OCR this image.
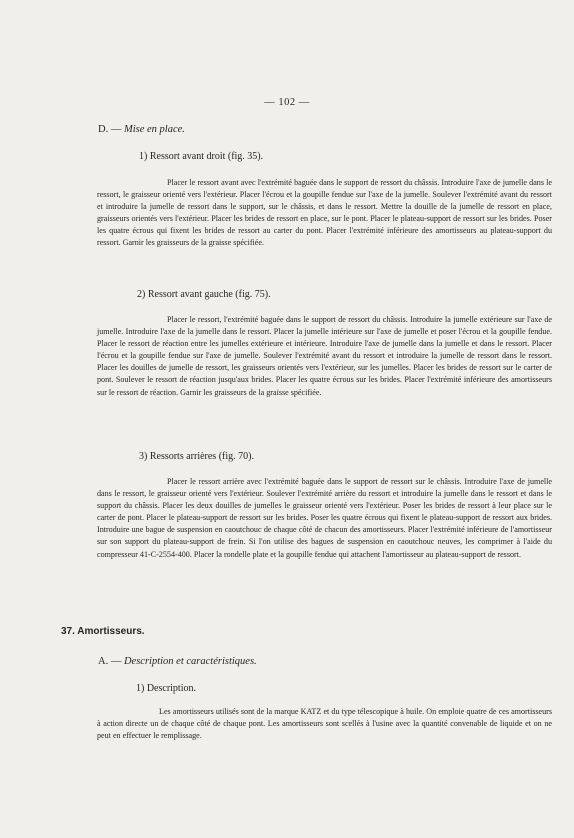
— 102 —
D. — Mise en place.
1) Ressort avant droit (fig. 35).

Placer le ressort avant avec l'extrémité baguée dans le support de ressort du châssis. Introduire l'axe de jumelle dans le ressort, le graisseur orienté vers l'extérieur. Placer l'écrou et la goupille fendue sur l'axe de la jumelle. Soulever l'extrémité avant du ressort et introduire la jumelle de ressort dans le support, sur le châssis, et dans le ressort. Mettre la douille de la jumelle de ressort en place, graisseurs orientés vers l'extérieur. Placer les brides de ressort en place, sur le pont. Placer le plateau-support de ressort sur les brides. Poser les quatre écrous qui fixent les brides de ressort au carter du pont. Placer l'extrémité inférieure des amortisseurs au plateau-support du ressort. Garnir les graisseurs de la graisse spécifiée.

2) Ressort avant gauche (fig. 75).

Placer le ressort, l'extrémité baguée dans le support de ressort du châssis. Introduire la jumelle extérieure sur l'axe de jumelle. Introduire l'axe de la jumelle dans le ressort. Placer la jumelle intérieure sur l'axe de jumelle et poser l'écrou et la goupille fendue. Placer le ressort de réaction entre les jumelles extérieure et intérieure. Introduire l'axe de jumelle dans la jumelle et dans le ressort. Placer l'écrou et la goupille fendue sur l'axe de jumelle. Soulever l'extrémité avant du ressort et introduire la jumelle de ressort dans le ressort. Placer les douilles de jumelle de ressort, les graisseurs orientés vers l'extérieur, sur les jumelles. Placer les brides de ressort sur le carter de pont. Soulever le ressort de réaction jusqu'aux brides. Placer les quatre écrous sur les brides. Placer l'extrémité inférieure des amortisseurs sur le ressort de réaction. Garnir les graisseurs de la graisse spécifiée.

3) Ressorts arrières (fig. 70).

Placer le ressort arrière avec l'extrémité baguée dans le support de ressort sur le châssis. Introduire l'axe de jumelle dans le ressort, le graisseur orienté vers l'extérieur. Soulever l'extrémité arrière du ressort et introduire la jumelle dans le ressort et dans le support du châssis. Placer les deux douilles de jumelles le graisseur orienté vers l'extérieur. Poser les brides de ressort à leur place sur le carter de pont. Placer le plateau-support de ressort sur les brides. Poser les quatre écrous qui fixent le plateau-support de ressort aux brides. Introduire une bague de suspension en caoutchouc de chaque côté de chacun des amortisseurs. Placer l'extrémité inférieure de l'amortisseur sur son support du plateau-support de frein. Si l'on utilise des bagues de suspension en caoutchouc neuves, les comprimer à l'aide du compresseur 41-C-2554-400. Placer la rondelle plate et la goupille fendue qui attachent l'amortisseur au plateau-support de ressort.

37. Amortisseurs.
A. — Description et caractéristiques.
1) Description.

Les amortisseurs utilisés sont de la marque KATZ et du type télescopique à huile. On emploie quatre de ces amortisseurs à action directe un de chaque côté de chaque pont. Les amortisseurs sont scellés à l'usine avec la quantité convenable de liquide et on ne peut en effectuer le remplissage.
